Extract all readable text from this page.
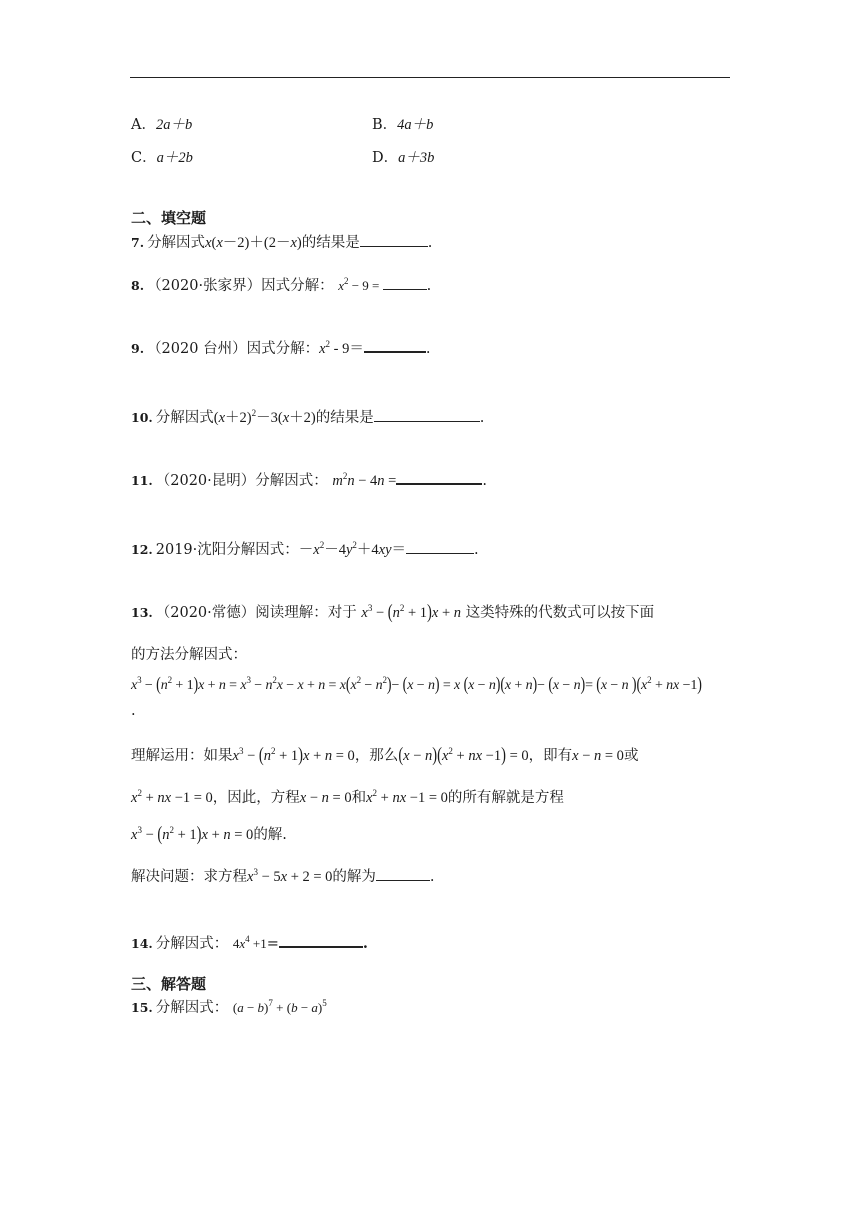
A．2a＋b	B．4a＋b
C．a＋2b	D．a＋3b
二、填空题
7. 分解因式x(x－2)＋(2－x)的结果是	.
8. （2020·张家界）因式分解： $x^2 - 9$ =	.
9. （2020 台州）因式分解：$x^2 - 9=$	.
10. 分解因式$(x+2)^2-3(x+2)$的结果是	.
11. （2020·昆明）分解因式： $m^2n - 4n$ =	.
12. 2019·沈阳分解因式：$-x^2-4y^2+4xy=$	.
13. （2020·常德）阅读理解：对于 $x^3 - (n^2 + 1)x + n$ 这类特殊的代数式可以按下面
的方法分解因式：
$x^3 - (n^2 + 1)x + n = x^3 - n^2x - x + n = x(x^2 - n^2)- (x - n) = x$ (x − n)(x + n)− (x − n)= (x − n )($x^2$ + nx −1)
.
理解运用：如果$x^3 - (n^2 + 1)x + n = 0$，那么$(x - n)(x^2$ + nx −1) = 0，即有x − n = 0或
$x^2$ + nx −1 = 0，因此，方程x − n = 0和$x^2$ + nx −1 = 0的所有解就是方程
$x^3 - (n^2 + 1)x + n = 0$的解.
解决问题：求方程$x^3 - 5x + 2 = 0$的解为	.
14. 分解因式： $4x^4 +1=$	.
三、解答题
15. 分解因式： $(a - b)^7 + (b - a)^5$
